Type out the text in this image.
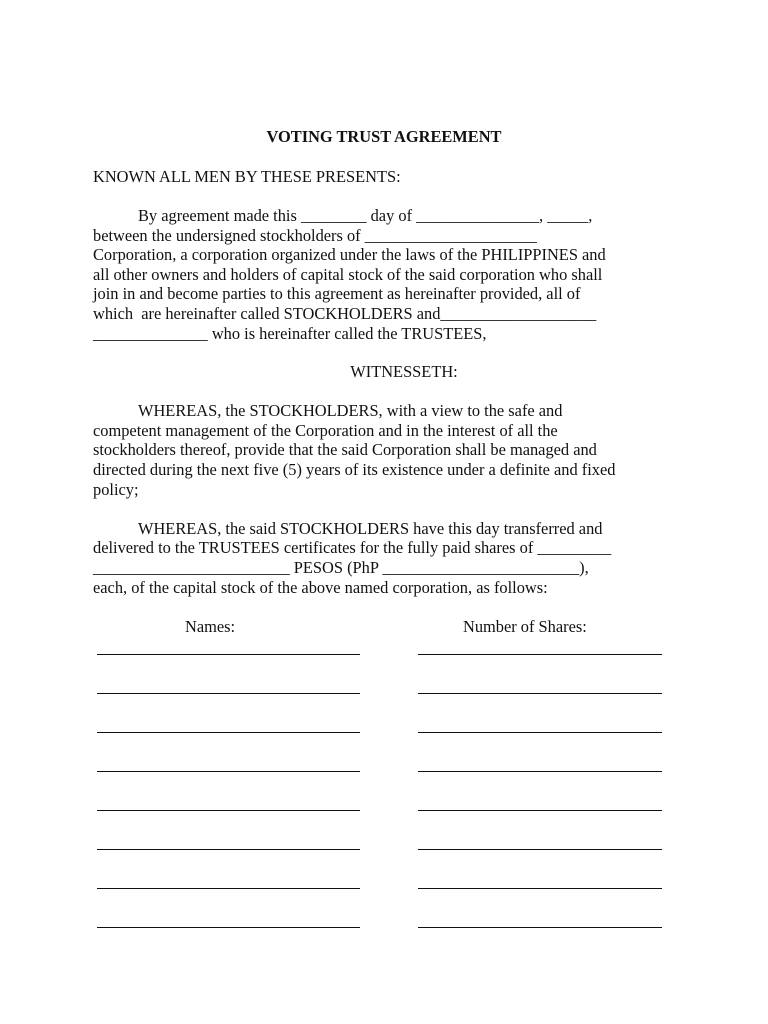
VOTING TRUST AGREEMENT
KNOWN ALL MEN BY THESE PRESENTS:
By agreement made this ________ day of _______________, _____,
between the undersigned stockholders of _____________________
Corporation, a corporation organized under the laws of the PHILIPPINES and
all other owners and holders of capital stock of the said corporation who shall
join in and become parties to this agreement as hereinafter provided, all of
which  are hereinafter called STOCKHOLDERS and___________________
______________ who is hereinafter called the TRUSTEES,
WITNESSETH:
WHEREAS, the STOCKHOLDERS, with a view to the safe and
competent management of the Corporation and in the interest of all the
stockholders thereof, provide that the said Corporation shall be managed and
directed during the next five (5) years of its existence under a definite and fixed
policy;
WHEREAS, the said STOCKHOLDERS have this day transferred and
delivered to the TRUSTEES certificates for the fully paid shares of _________
________________________ PESOS (PhP ________________________),
each, of the capital stock of the above named corporation, as follows:
Names:	Number of Shares:
